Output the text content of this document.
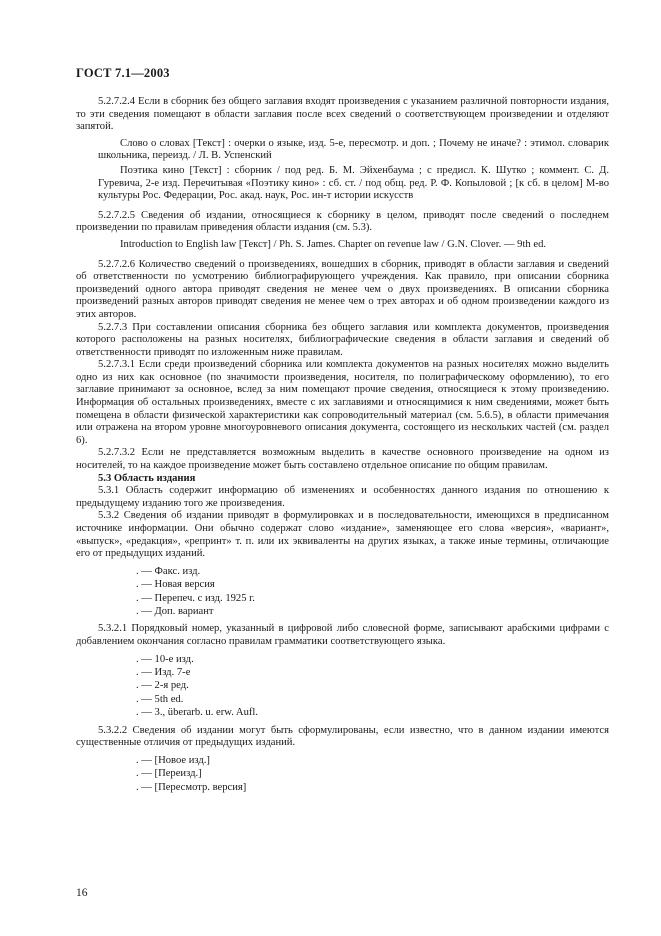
ГОСТ 7.1—2003
5.2.7.2.4 Если в сборник без общего заглавия входят произведения с указанием различной повторности издания, то эти сведения помещают в области заглавия после всех сведений о соответствующем произведении и отделяют запятой.
Слово о словах [Текст] : очерки о языке, изд. 5-е, пересмотр. и доп. ; Почему не иначе? : этимол. словарик школьника, переизд. / Л. В. Успенский
Поэтика кино [Текст] : сборник / под ред. Б. М. Эйхенбаума ; с предисл. К. Шутко ; коммент. С. Д. Гуревича, 2-е изд. Перечитывая «Поэтику кино» : сб. ст. / под общ. ред. Р. Ф. Копыловой ; [к сб. в целом] М-во культуры Рос. Федерации, Рос. акад. наук, Рос. ин-т истории искусств
5.2.7.2.5 Сведения об издании, относящиеся к сборнику в целом, приводят после сведений о последнем произведении по правилам приведения области издания (см. 5.3).
Introduction to English law [Текст] / Ph. S. James. Chapter on revenue law / G.N. Clover. — 9th ed.
5.2.7.2.6 Количество сведений о произведениях, вошедших в сборник, приводят в области заглавия и сведений об ответственности по усмотрению библиографирующего учреждения. Как правило, при описании сборника произведений одного автора приводят сведения не менее чем о двух произведениях. В описании сборника произведений разных авторов приводят сведения не менее чем о трех авторах и об одном произведении каждого из этих авторов.
5.2.7.3 При составлении описания сборника без общего заглавия или комплекта документов, произведения которого расположены на разных носителях, библиографические сведения в области заглавия и сведений об ответственности приводят по изложенным ниже правилам.
5.2.7.3.1 Если среди произведений сборника или комплекта документов на разных носителях можно выделить одно из них как основное (по значимости произведения, носителя, по полиграфическому оформлению), то его заглавие принимают за основное, вслед за ним помещают прочие сведения, относящиеся к этому произведению. Информация об остальных произведениях, вместе с их заглавиями и относящимися к ним сведениями, может быть помещена в области физической характеристики как сопроводительный материал (см. 5.6.5), в области примечания или отражена на втором уровне многоуровневого описания документа, состоящего из нескольких частей (см. раздел 6).
5.2.7.3.2 Если не представляется возможным выделить в качестве основного произведение на одном из носителей, то на каждое произведение может быть составлено отдельное описание по общим правилам.
5.3 Область издания
5.3.1 Область содержит информацию об изменениях и особенностях данного издания по отношению к предыдущему изданию того же произведения.
5.3.2 Сведения об издании приводят в формулировках и в последовательности, имеющихся в предписанном источнике информации. Они обычно содержат слово «издание», заменяющее его слова «версия», «вариант», «выпуск», «редакция», «репринт» т. п. или их эквиваленты на других языках, а также иные термины, отличающие его от предыдущих изданий.
. — Факс. изд.
. — Новая версия
. — Перепеч. с изд. 1925 г.
. — Доп. вариант
5.3.2.1 Порядковый номер, указанный в цифровой либо словесной форме, записывают арабскими цифрами с добавлением окончания согласно правилам грамматики соответствующего языка.
. — 10-е изд.
. — Изд. 7-е
. — 2-я ред.
. — 5th ed.
. — 3., überarb. u. erw. Aufl.
5.3.2.2 Сведения об издании могут быть сформулированы, если известно, что в данном издании имеются существенные отличия от предыдущих изданий.
. — [Новое изд.]
. — [Переизд.]
. — [Пересмотр. версия]
16
